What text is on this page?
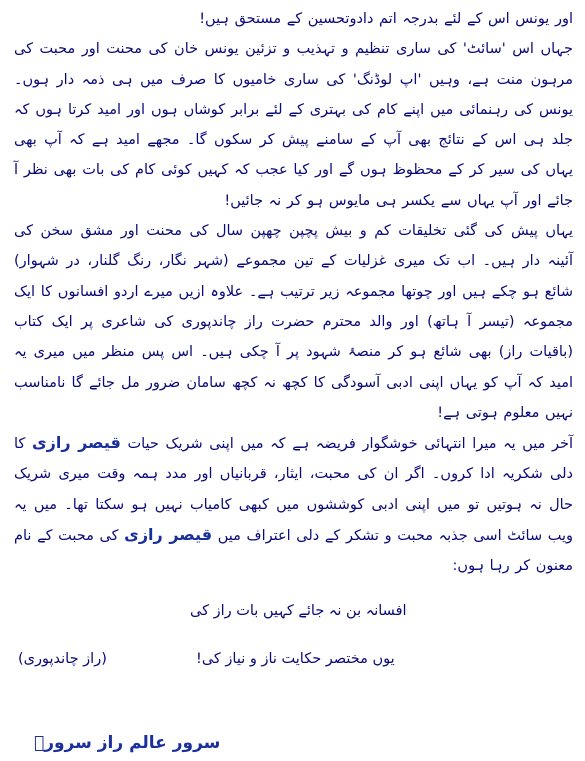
اور یونس اس کے لئے بدرجہ اتم دادوتحسین کے مستحق ہیں!

جہاں اس 'سائٹ' کی ساری تنظیم و تہذیب و تزئین یونس خان کی محنت اور محبت کی مرہون منت ہے، وہیں 'اپ لوڈنگ' کی ساری خامیوں کا صرف میں ہی ذمہ دار ہوں۔ یونس کی رہنمائی میں اپنے کام کی بہتری کے لئے برابر کوشاں ہوں اور امید کرتا ہوں کہ جلد ہی اس کے نتائج بھی آپ کے سامنے پیش کر سکوں گا۔ مجھے امید ہے کہ آپ بھی یہاں کی سیر کر کے محظوظ ہوں گے اور کیا عجب کہ کہیں کوئی کام کی بات بھی نظر آ جائے اور آپ یہاں سے یکسر ہی مایوس ہو کر نہ جائیں!

یہاں پیش کی گئی تخلیقات کم و بیش پچپن چھپن سال کی محنت اور مشق سخن کی آئینہ دار ہیں۔ اب تک میری غزلیات کے تین مجموعے (شہر نگار، رنگ گلنار، در شہوار) شائع ہو چکے ہیں اور چوتھا مجموعہ زیر ترتیب ہے۔ علاوہ ازیں میرے اردو افسانوں کا ایک مجموعہ (تیسر آ ہاتھ) اور والد محترم حضرت راز چاندپوری کی شاعری پر ایک کتاب (باقیات راز) بھی شائع ہو کر منصۂ شہود پر آ چکی ہیں۔ اس پس منظر میں میری یہ امید کہ آپ کو یہاں اپنی ادبی آسودگی کا کچھ نہ کچھ سامان ضرور مل جائے گا نامناسب نہیں معلوم ہوتی ہے!

آخر میں یہ میرا انتہائی خوشگوار فریضہ ہے کہ میں اپنی شریک حیات قیصر رازی کا دلی شکریہ ادا کروں۔ اگر ان کی محبت، ایثار، قربانیاں اور مدد ہمہ وقت میری شریک حال نہ ہوتیں تو میں اپنی ادبی کوششوں میں کبھی کامیاب نہیں ہو سکتا تھا۔ میں یہ ویب سائٹ اسی جذبہ محبت و تشکر کے دلی اعتراف میں قیصر رازی کی محبت کے نام معنون کر رہا ہوں:

افسانہ بن نہ جائے کہیں بات راز کی
یوں مختصر حکایت ناز و نیاز کی!
(راز چاندپوری)
سرور عالم راز سرورؔ
